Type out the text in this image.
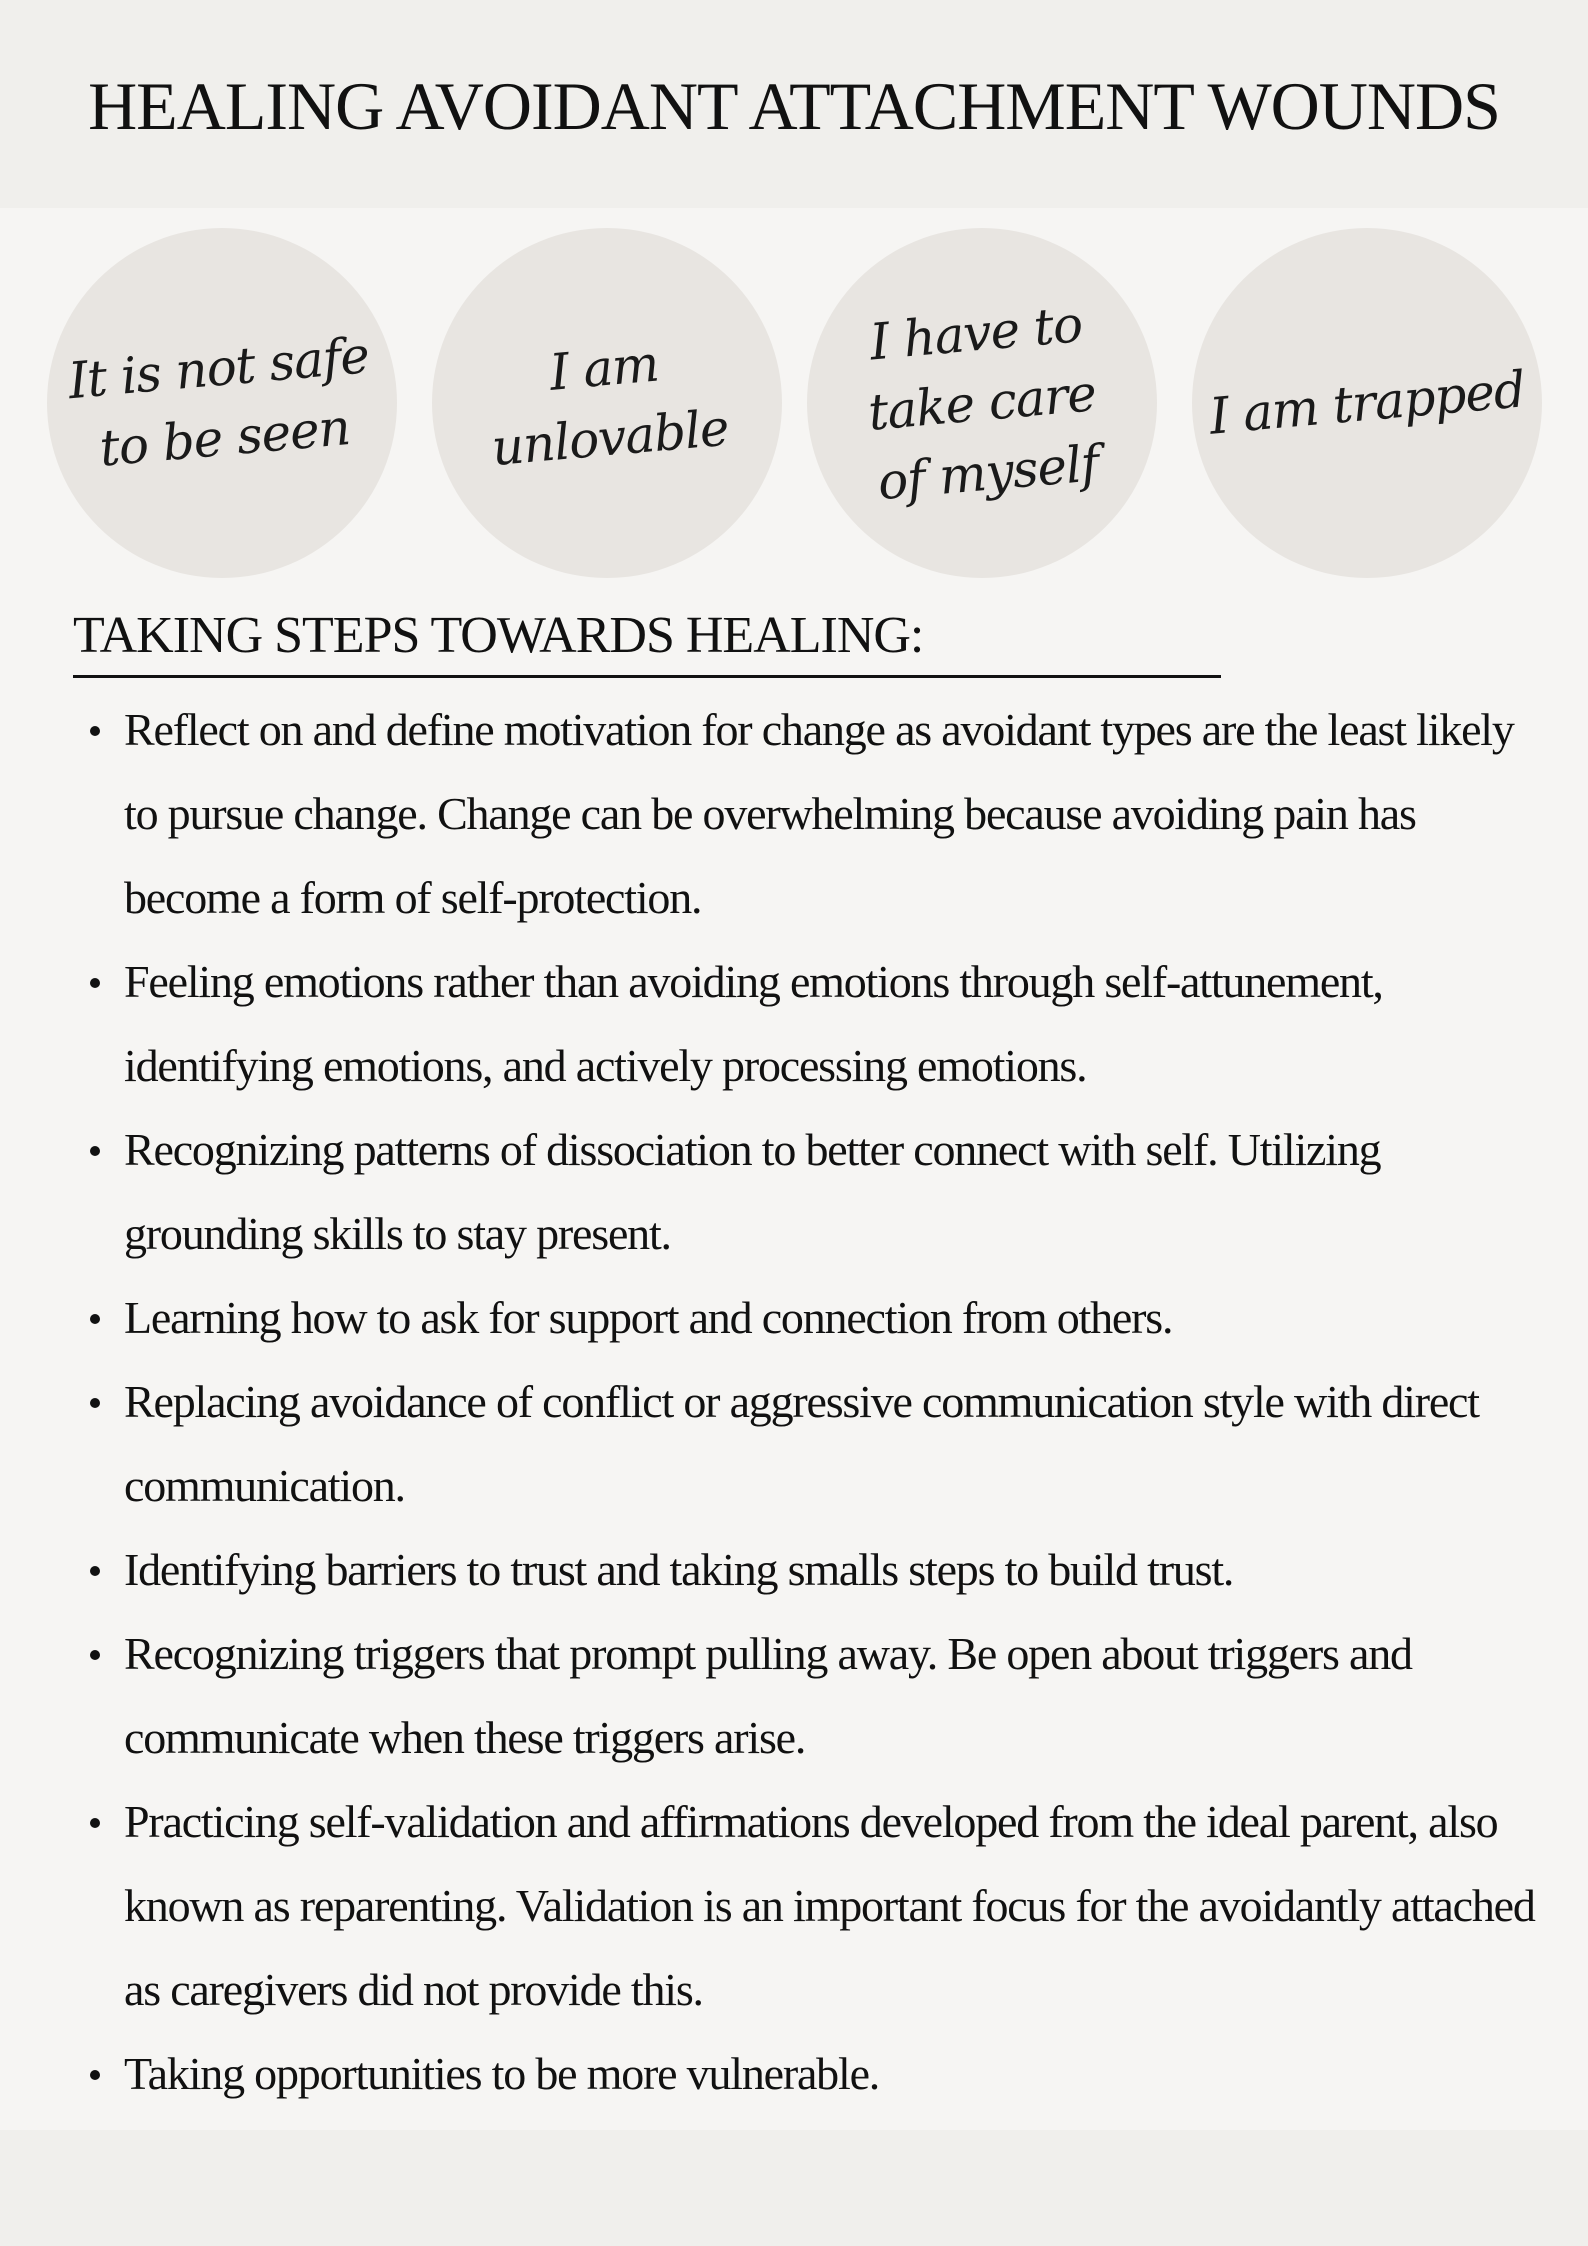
HEALING AVOIDANT ATTACHMENT WOUNDS
It is not safe
to be seen
I am unlovable
I have to
take care
of myself
I am trapped
TAKING STEPS TOWARDS HEALING:
Reflect on and define motivation for change as avoidant types are the least likely to pursue change. Change can be overwhelming because avoiding pain has become a form of self-protection.
Feeling emotions rather than avoiding emotions through self-attunement, identifying emotions, and actively processing emotions.
Recognizing patterns of dissociation to better connect with self. Utilizing grounding skills to stay present.
Learning how to ask for support and connection from others.
Replacing avoidance of conflict or aggressive communication style with direct communication.
Identifying barriers to trust and taking smalls steps to build trust.
Recognizing triggers that prompt pulling away. Be open about triggers and communicate when these triggers arise.
Practicing self-validation and affirmations developed from the ideal parent, also known as reparenting. Validation is an important focus for the avoidantly attached as caregivers did not provide this.
Taking opportunities to be more vulnerable.
